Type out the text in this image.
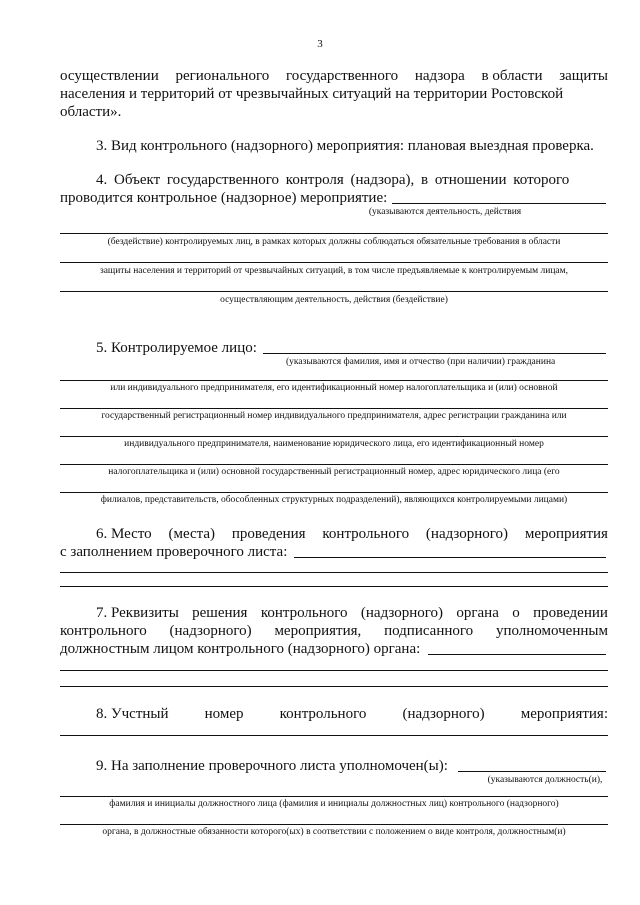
3
осуществлении регионального государственного надзора в области защиты
населения и территорий от чрезвычайных ситуаций на территории Ростовской
области».
3. Вид контрольного (надзорного) мероприятия: плановая выездная проверка.
4. Объект государственного контроля (надзора), в отношении которого
проводится контрольное (надзорное) мероприятие:
(указываются деятельность, действия
(бездействие) контролируемых лиц, в рамках которых должны соблюдаться обязательные требования в области
защиты населения и территорий от чрезвычайных ситуаций, в том числе предъявляемые к контролируемым лицам,
осуществляющим деятельность, действия (бездействие)
5. Контролируемое лицо:
(указываются фамилия, имя и отчество (при наличии) гражданина
или индивидуального предпринимателя, его идентификационный номер налогоплательщика и (или) основной
государственный регистрационный номер индивидуального предпринимателя, адрес регистрации гражданина или
индивидуального предпринимателя, наименование юридического лица, его идентификационный номер
налогоплательщика и (или) основной государственный регистрационный номер, адрес юридического лица (его
филиалов, представительств, обособленных структурных подразделений), являющихся контролируемыми лицами)
6. Место (места) проведения контрольного (надзорного) мероприятия
с заполнением проверочного листа:
7. Реквизиты решения контрольного (надзорного) органа о проведении
контрольного (надзорного) мероприятия, подписанного уполномоченным
должностным лицом контрольного (надзорного) органа:
8. Учстный номер контрольного (надзорного) мероприятия:
9. На заполнение проверочного листа уполномочен(ы):
(указываются должность(и),
фамилия и инициалы должностного лица (фамилия и инициалы должностных лиц) контрольного (надзорного)
органа, в должностные обязанности которого(ых) в соответствии с положением о виде контроля, должностным(и)
